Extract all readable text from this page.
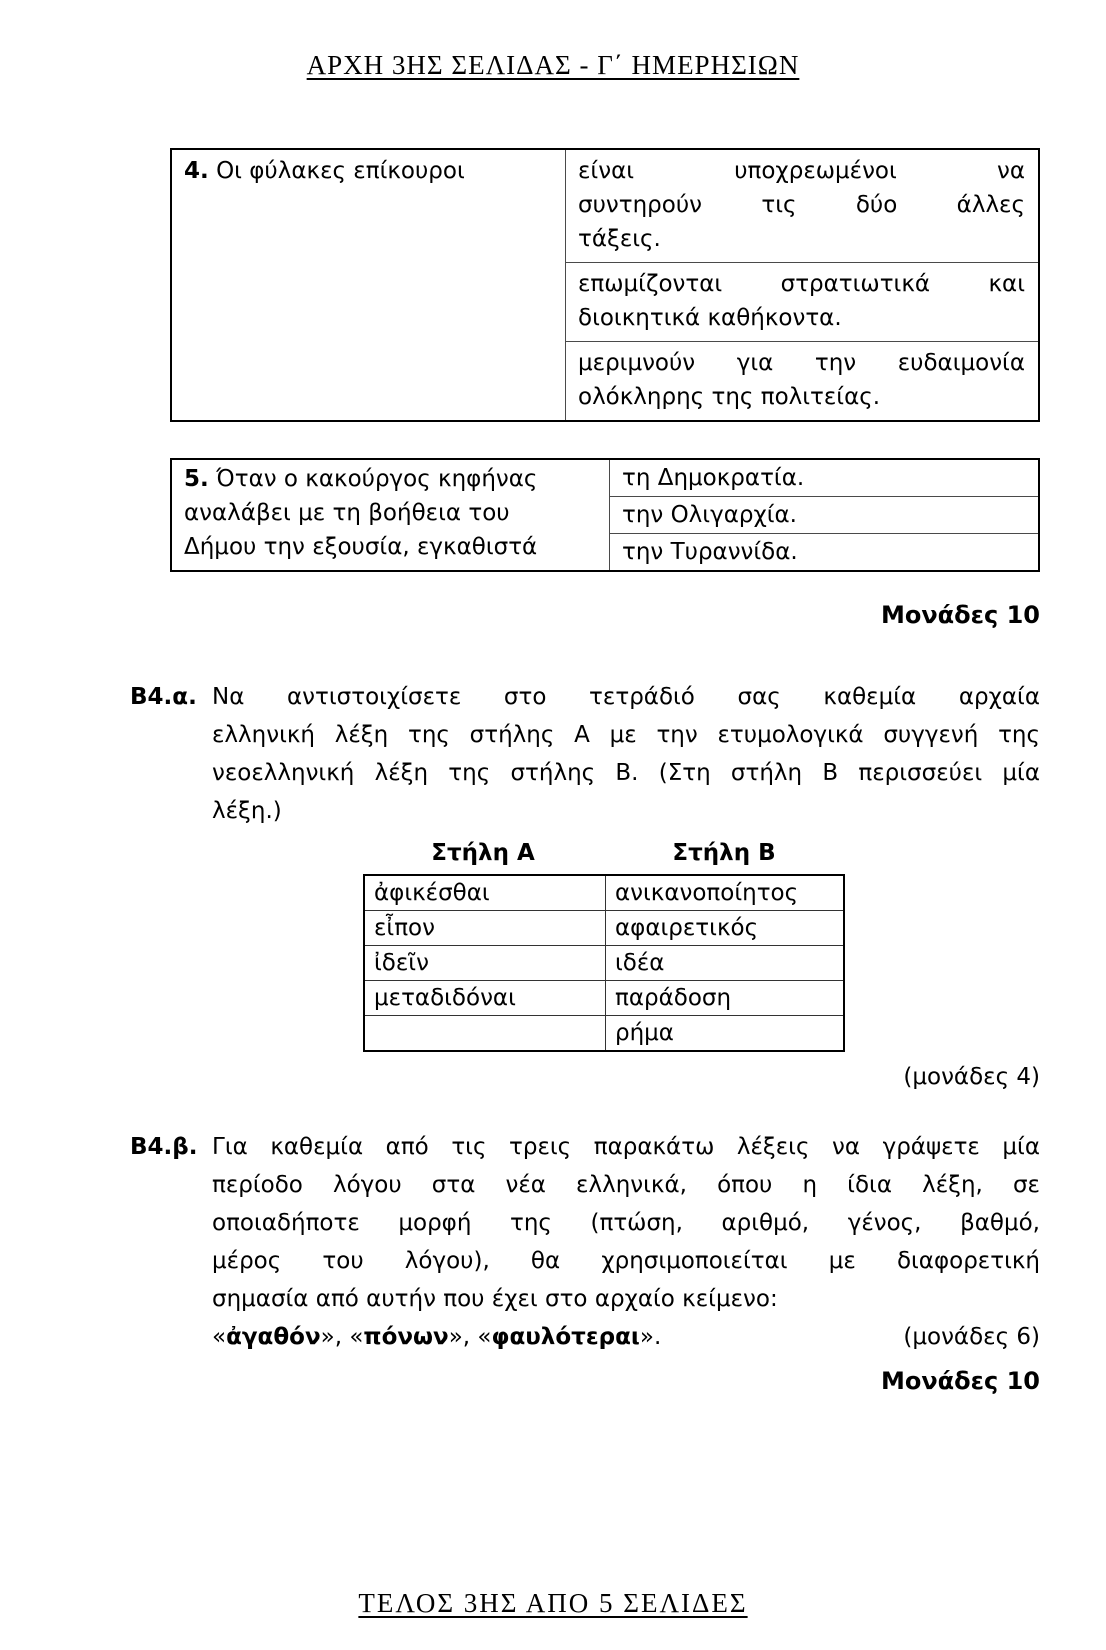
ΑΡΧΗ 3ΗΣ ΣΕΛΙΔΑΣ - Γ΄ ΗΜΕΡΗΣΙΩΝ
4. Οι φύλακες επίκουροι	είναι υποχρεωμένοι να
συντηρούν τις δύο άλλες
τάξεις.

επωμίζονται στρατιωτικά και
διοικητικά καθήκοντα.

μεριμνούν για την ευδαιμονία
ολόκληρης της πολιτείας.
5. Όταν ο κακούργος κηφήνας
αναλάβει με τη βοήθεια του
Δήμου την εξουσία, εγκαθιστά
	τη Δημοκρατία.
την Ολιγαρχία.
την Τυραννίδα.
Μονάδες 10
Β4.α. Να αντιστοιχίσετε στο τετράδιό σας καθεμία αρχαία
ελληνική λέξη της στήλης Α με την ετυμολογικά συγγενή της
νεοελληνική λέξη της στήλης Β. (Στη στήλη Β περισσεύει μία
λέξη.)
Στήλη Α	Στήλη Β
ἀφικέσθαι	ανικανοποίητος
εἶπον	αφαιρετικός
ἰδεῖν	ιδέα
μεταδιδόναι	παράδοση
	ρήμα
(μονάδες 4)
Β4.β. Για καθεμία από τις τρεις παρακάτω λέξεις να γράψετε μία
περίοδο λόγου στα νέα ελληνικά, όπου η ίδια λέξη, σε
οποιαδήποτε μορφή της (πτώση, αριθμό, γένος, βαθμό,
μέρος του λόγου), θα χρησιμοποιείται με διαφορετική
σημασία από αυτήν που έχει στο αρχαίο κείμενο:
«ἀγαθόν», «πόνων», «φαυλότεραι».	(μονάδες 6)
Μονάδες 10
ΤΕΛΟΣ 3ΗΣ ΑΠΟ 5 ΣΕΛΙΔΕΣ
